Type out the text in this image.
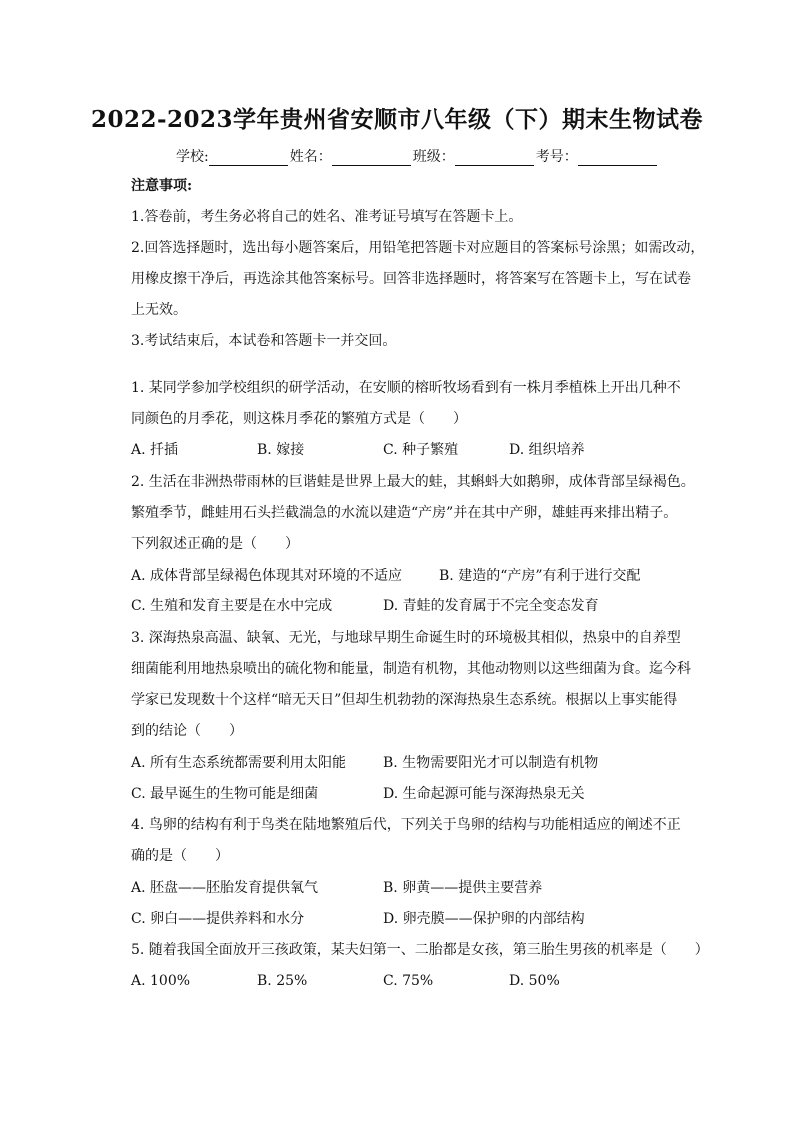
2022-2023学年贵州省安顺市八年级（下）期末生物试卷
学校:	姓名：	班级：	考号：
注意事项:
1.答卷前，考生务必将自己的姓名、准考证号填写在答题卡上。
2.回答选择题时，选出每小题答案后，用铅笔把答题卡对应题目的答案标号涂黑；如需改动，
用橡皮擦干净后，再选涂其他答案标号。回答非选择题时，将答案写在答题卡上，写在试卷
上无效。
3.考试结束后，本试卷和答题卡一并交回。
1. 某同学参加学校组织的研学活动，在安顺的榕昕牧场看到有一株月季植株上开出几种不
同颜色的月季花，则这株月季花的繁殖方式是（　　）
A. 扦插	B. 嫁接	C. 种子繁殖	D. 组织培养
2. 生活在非洲热带雨林的巨谐蛙是世界上最大的蛙，其蝌蚪大如鹅卵，成体背部呈绿褐色。
繁殖季节，雌蛙用石头拦截湍急的水流以建造“产房”并在其中产卵，雄蛙再来排出精子。
下列叙述正确的是（　　）
A. 成体背部呈绿褐色体现其对环境的不适应	B. 建造的“产房”有利于进行交配
C. 生殖和发育主要是在水中完成	D. 青蛙的发育属于不完全变态发育
3. 深海热泉高温、缺氧、无光，与地球早期生命诞生时的环境极其相似，热泉中的自养型
细菌能利用地热泉喷出的硫化物和能量，制造有机物，其他动物则以这些细菌为食。迄今科
学家已发现数十个这样“暗无天日”但却生机勃勃的深海热泉生态系统。根据以上事实能得
到的结论（　　）
A. 所有生态系统都需要利用太阳能	B. 生物需要阳光才可以制造有机物
C. 最早诞生的生物可能是细菌	D. 生命起源可能与深海热泉无关
4. 鸟卵的结构有利于鸟类在陆地繁殖后代，下列关于鸟卵的结构与功能相适应的阐述不正
确的是（　　）
A. 胚盘——胚胎发育提供氧气	B. 卵黄——提供主要营养
C. 卵白——提供养料和水分	D. 卵壳膜——保护卵的内部结构
5. 随着我国全面放开三孩政策，某夫妇第一、二胎都是女孩，第三胎生男孩的机率是（　　）
A. 100%	B. 25%	C. 75%	D. 50%
